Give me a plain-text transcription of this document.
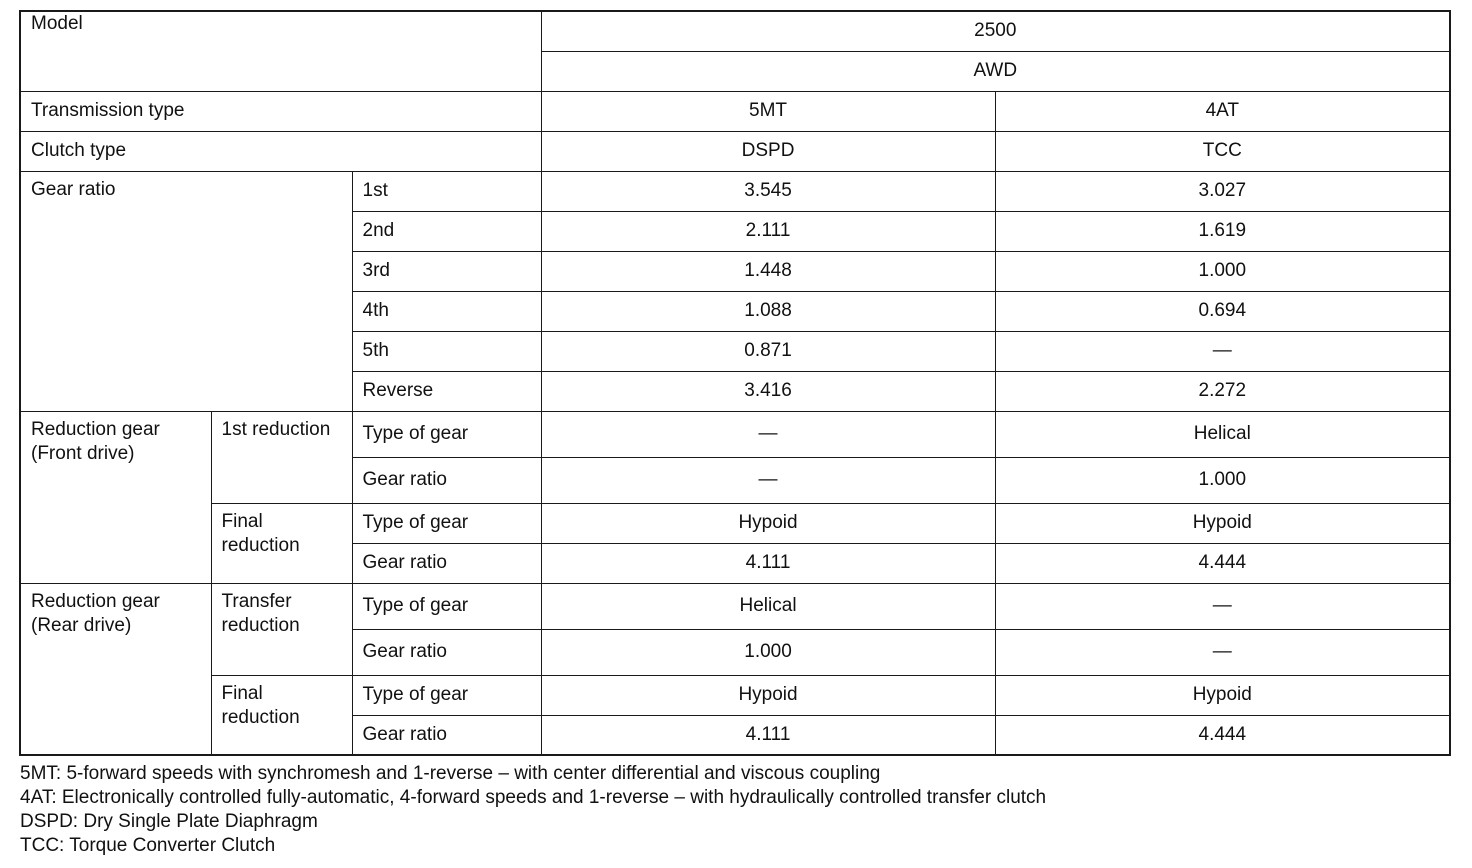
Model			2500	
			AWD	
Transmission type			5MT	4AT
Clutch type			DSPD	TCC
Gear ratio		1st	3.545	3.027
		2nd	2.111	1.619
		3rd	1.448	1.000
		4th	1.088	0.694
		5th	0.871	—
		Reverse	3.416	2.272
Reduction gear (Front drive)	1st reduction	Type of gear	—	Helical
		Gear ratio	—	1.000
	Final reduction	Type of gear	Hypoid	Hypoid
		Gear ratio	4.111	4.444
Reduction gear (Rear drive)	Transfer reduction	Type of gear	Helical	—
		Gear ratio	1.000	—
	Final reduction	Type of gear	Hypoid	Hypoid
		Gear ratio	4.111	4.444
5MT: 5-forward speeds with synchromesh and 1-reverse – with center differential and viscous coupling
4AT: Electronically controlled fully-automatic, 4-forward speeds and 1-reverse – with hydraulically controlled transfer clutch
DSPD: Dry Single Plate Diaphragm
TCC: Torque Converter Clutch
